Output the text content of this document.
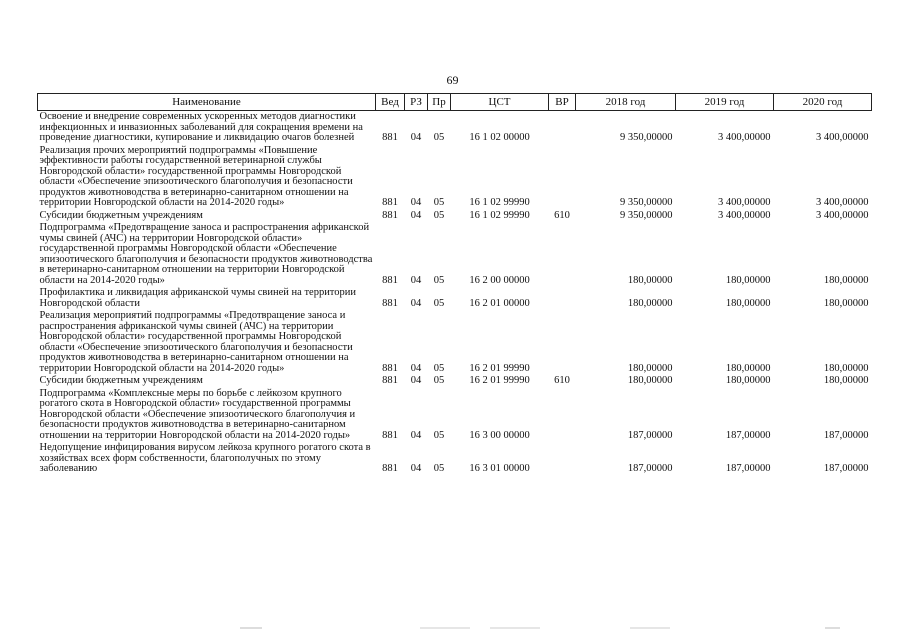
69
Наименование	Вед	РЗ	Пр	ЦСТ	ВР	2018 год	2019 год	2020 год
Освоение и внедрение современных ускоренных методов диагностики инфекционных и инвазионных заболеваний для сокращения времени на проведение диагностики, купирование и ликвидацию очагов болезней	881	04	05	16 1 02 00000		9 350,00000	3 400,00000	3 400,00000
Реализация прочих мероприятий подпрограммы «Повышение эффективности работы государственной ветеринарной службы Новгородской области» государственной программы Новгородской области «Обеспечение эпизоотического благополучия и безопасности продуктов животноводства в ветеринарно-санитарном отношении на территории Новгородской области на 2014-2020 годы»	881	04	05	16 1 02 99990		9 350,00000	3 400,00000	3 400,00000
Субсидии бюджетным учреждениям	881	04	05	16 1 02 99990	610	9 350,00000	3 400,00000	3 400,00000
Подпрограмма «Предотвращение заноса и распространения африканской чумы свиней (АЧС) на территории Новгородской области» государственной программы Новгородской области «Обеспечение эпизоотического благополучия и безопасности продуктов животноводства в ветеринарно-санитарном отношении на территории Новгородской области на 2014-2020 годы»	881	04	05	16 2 00 00000		180,00000	180,00000	180,00000
Профилактика и ликвидация африканской чумы свиней на территории Новгородской области	881	04	05	16 2 01 00000		180,00000	180,00000	180,00000
Реализация мероприятий подпрограммы «Предотвращение заноса и распространения африканской чумы свиней (АЧС) на территории Новгородской области» государственной программы Новгородской области «Обеспечение эпизоотического благополучия и безопасности продуктов животноводства в ветеринарно-санитарном отношении на территории Новгородской области на 2014-2020 годы»	881	04	05	16 2 01 99990		180,00000	180,00000	180,00000
Субсидии бюджетным учреждениям	881	04	05	16 2 01 99990	610	180,00000	180,00000	180,00000
Подпрограмма «Комплексные меры по борьбе с лейкозом крупного рогатого скота в Новгородской области» государственной программы Новгородской области «Обеспечение эпизоотического благополучия и безопасности продуктов животноводства в ветеринарно-санитарном отношении на территории Новгородской области на 2014-2020 годы»	881	04	05	16 3 00 00000		187,00000	187,00000	187,00000
Недопущение инфицирования вирусом лейкоза крупного рогатого скота в хозяйствах всех форм собственности, благополучных по этому заболеванию	881	04	05	16 3 01 00000		187,00000	187,00000	187,00000
